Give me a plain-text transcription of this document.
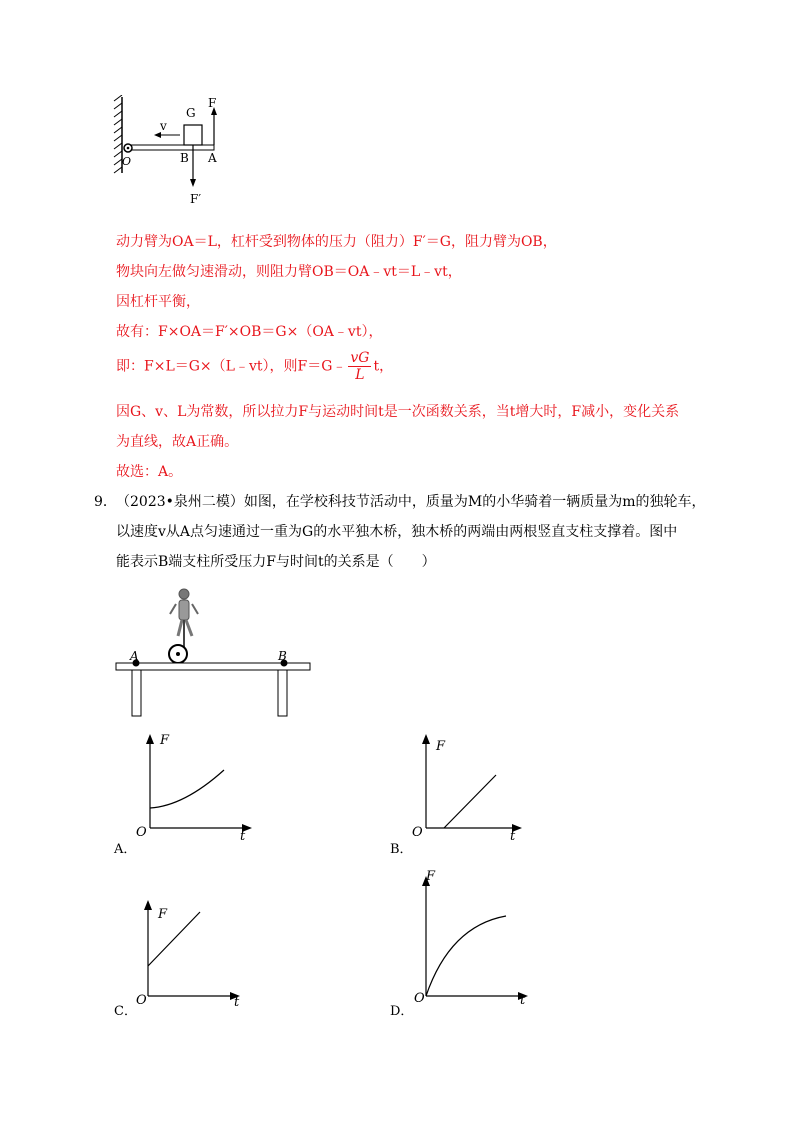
G
F
v
O	B A
F′
动力臂为OA＝L，杠杆受到物体的压力（阻力）F′＝G，阻力臂为OB，
物块向左做匀速滑动，则阻力臂OB＝OA﹣vt＝L﹣vt，
因杠杆平衡，
故有：F×OA＝F′×OB＝G×（OA﹣vt），
即：F×L＝G×（L﹣vt），则F＝G﹣ $\frac{vG}{L}$ t，
因G、v、L为常数，所以拉力F与运动时间t是一次函数关系，当t增大时，F减小，变化关系
为直线，故A正确。
故选：A。
9． （2023•泉州二模）如图，在学校科技节活动中，质量为M的小华骑着一辆质量为m的独轮车，
以速度v从A点匀速通过一重为G的水平独木桥，独木桥的两端由两根竖直支柱支撑着。图中
能表示B端支柱所受压力F与时间t的关系是（　　）
A	B
F
t
O
A．
F
t
O
B．
F
t
O
C．
F
t
O
D．
